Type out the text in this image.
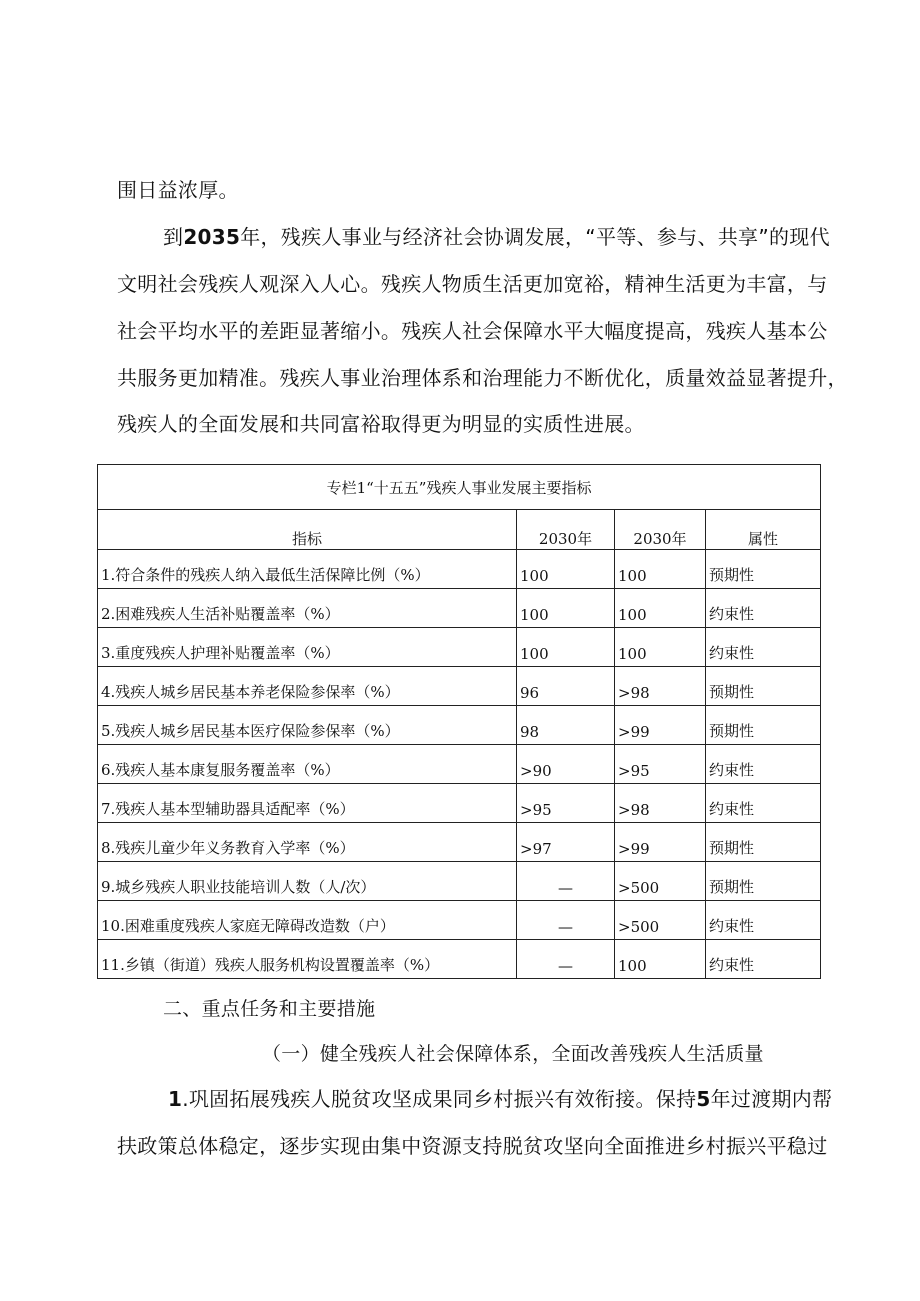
围日益浓厚。
到2035年，残疾人事业与经济社会协调发展，“平等、参与、共享”的现代
文明社会残疾人观深入人心。残疾人物质生活更加宽裕，精神生活更为丰富，与
社会平均水平的差距显著缩小。残疾人社会保障水平大幅度提高，残疾人基本公
共服务更加精准。残疾人事业治理体系和治理能力不断优化，质量效益显著提升，
残疾人的全面发展和共同富裕取得更为明显的实质性进展。
专栏1“十五五”残疾人事业发展主要指标			
指标	2030年	2030年	属性
1.符合条件的残疾人纳入最低生活保障比例（%）	100	100	预期性
2.困难残疾人生活补贴覆盖率（%）	100	100	约束性
3.重度残疾人护理补贴覆盖率（%）	100	100	约束性
4.残疾人城乡居民基本养老保险参保率（%）	96	>98	预期性
5.残疾人城乡居民基本医疗保险参保率（%）	98	>99	预期性
6.残疾人基本康复服务覆盖率（%）	>90	>95	约束性
7.残疾人基本型辅助器具适配率（%）	>95	>98	约束性
8.残疾儿童少年义务教育入学率（%）	>97	>99	预期性
9.城乡残疾人职业技能培训人数（人/次）	—	>500	预期性
10.困难重度残疾人家庭无障碍改造数（户）	—	>500	约束性
11.乡镇（街道）残疾人服务机构设置覆盖率（%）	—	100	约束性
二、重点任务和主要措施
（一）健全残疾人社会保障体系，全面改善残疾人生活质量
1.巩固拓展残疾人脱贫攻坚成果同乡村振兴有效衔接。保持5年过渡期内帮
扶政策总体稳定，逐步实现由集中资源支持脱贫攻坚向全面推进乡村振兴平稳过
